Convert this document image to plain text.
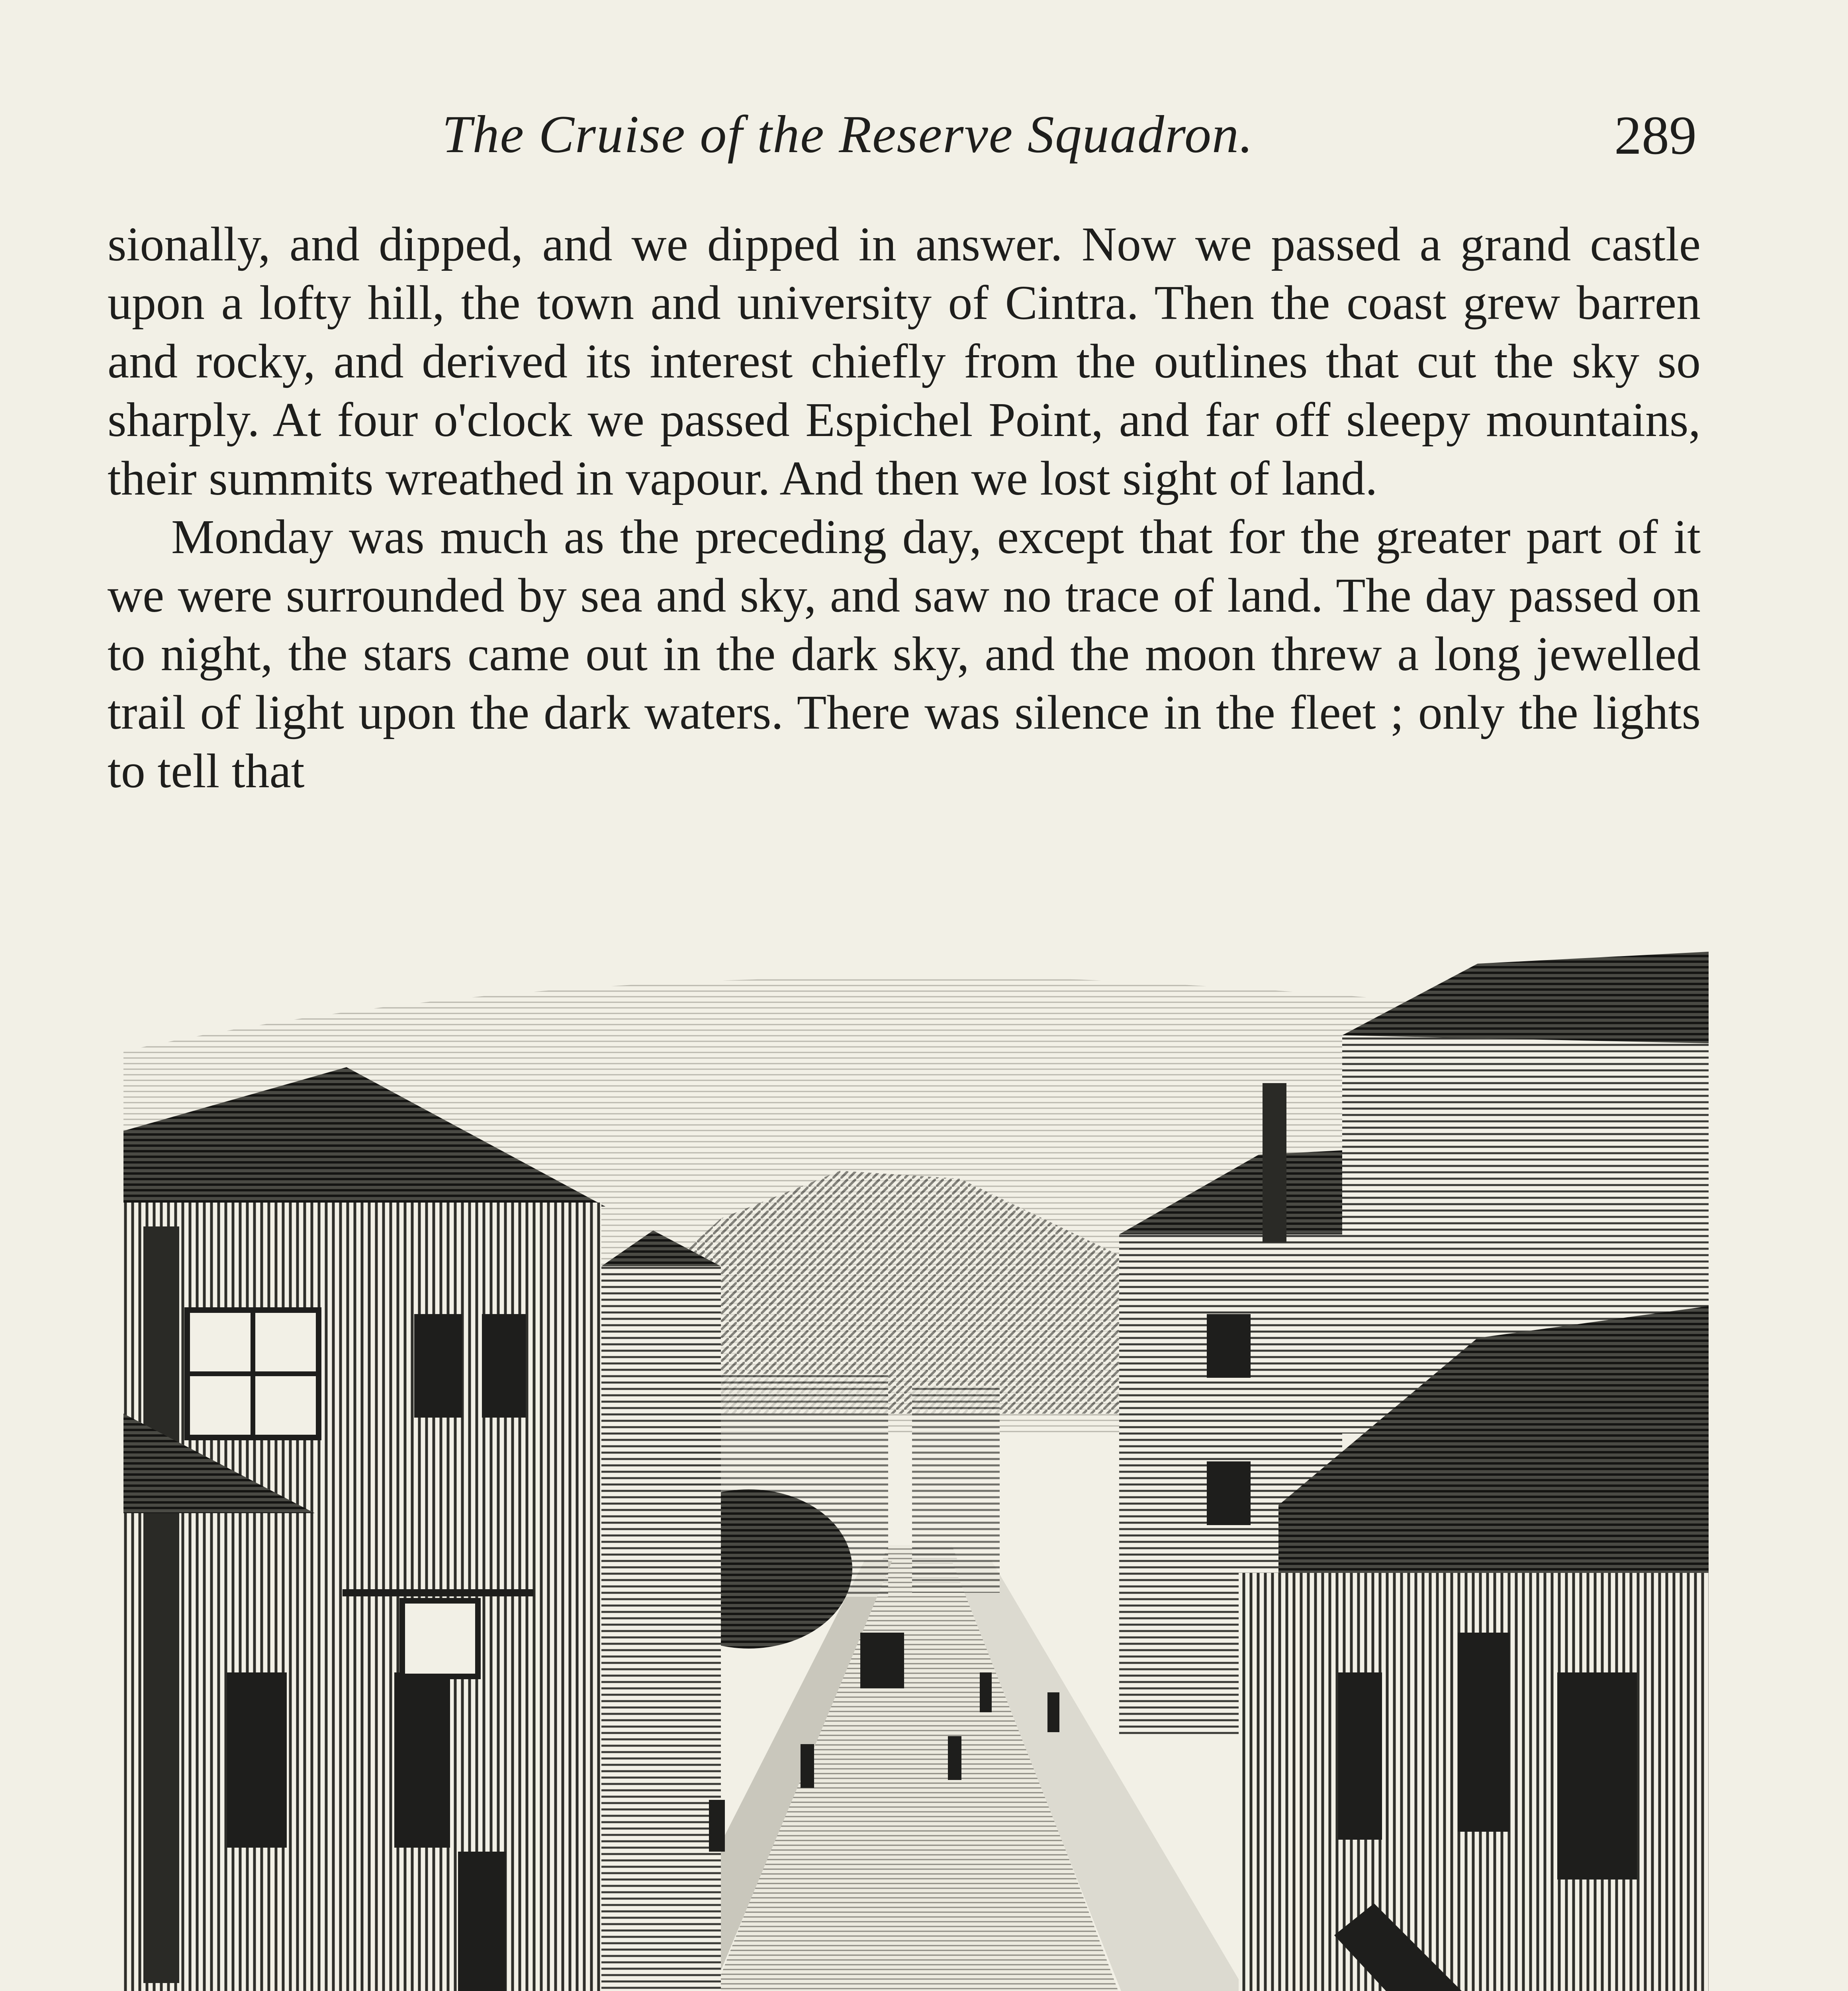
The Cruise of the Reserve Squadron.	289

sionally, and dipped, and we dipped in answer. Now we passed a grand castle upon a lofty hill, the town and university of Cintra. Then the coast grew barren and rocky, and derived its interest chiefly from the outlines that cut the sky so sharply. At four o'clock we passed Espichel Point, and far off sleepy mountains, their summits wreathed in vapour. And then we lost sight of land.

Monday was much as the preceding day, except that for the greater part of it we were surrounded by sea and sky, and saw no trace of land. The day passed on to night, the stars came out in the dark sky, and the moon threw a long jewelled trail of light upon the dark waters. There was silence in the fleet ; only the lights to tell that
